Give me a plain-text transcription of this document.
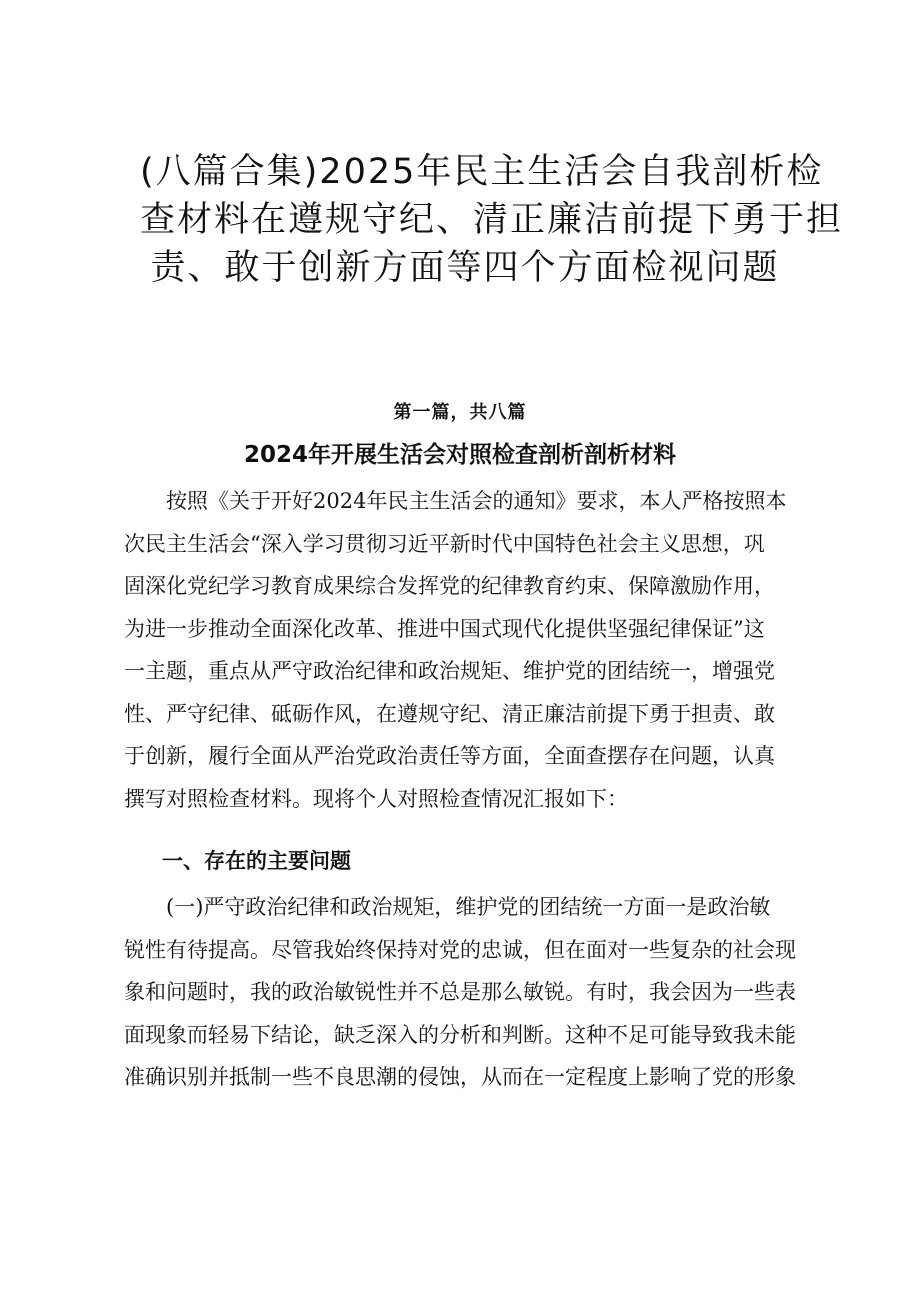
(八篇合集)2025年民主生活会自我剖析检
查材料在遵规守纪、清正廉洁前提下勇于担
责、敢于创新方面等四个方面检视问题
第一篇，共八篇
2024年开展生活会对照检查剖析剖析材料
按照《关于开好2024年民主生活会的通知》要求，本人严格按照本
次民主生活会“深入学习贯彻习近平新时代中国特色社会主义思想，巩
固深化党纪学习教育成果综合发挥党的纪律教育约束、保障激励作用，
为进一步推动全面深化改革、推进中国式现代化提供坚强纪律保证”这
一主题，重点从严守政治纪律和政治规矩、维护党的团结统一，增强党
性、严守纪律、砥砺作风，在遵规守纪、清正廉洁前提下勇于担责、敢
于创新，履行全面从严治党政治责任等方面，全面查摆存在问题，认真
撰写对照检查材料。现将个人对照检查情况汇报如下：
一、存在的主要问题
(一)严守政治纪律和政治规矩，维护党的团结统一方面一是政治敏
锐性有待提高。尽管我始终保持对党的忠诚，但在面对一些复杂的社会现
象和问题时，我的政治敏锐性并不总是那么敏锐。有时，我会因为一些表
面现象而轻易下结论，缺乏深入的分析和判断。这种不足可能导致我未能
准确识别并抵制一些不良思潮的侵蚀，从而在一定程度上影响了党的形象
